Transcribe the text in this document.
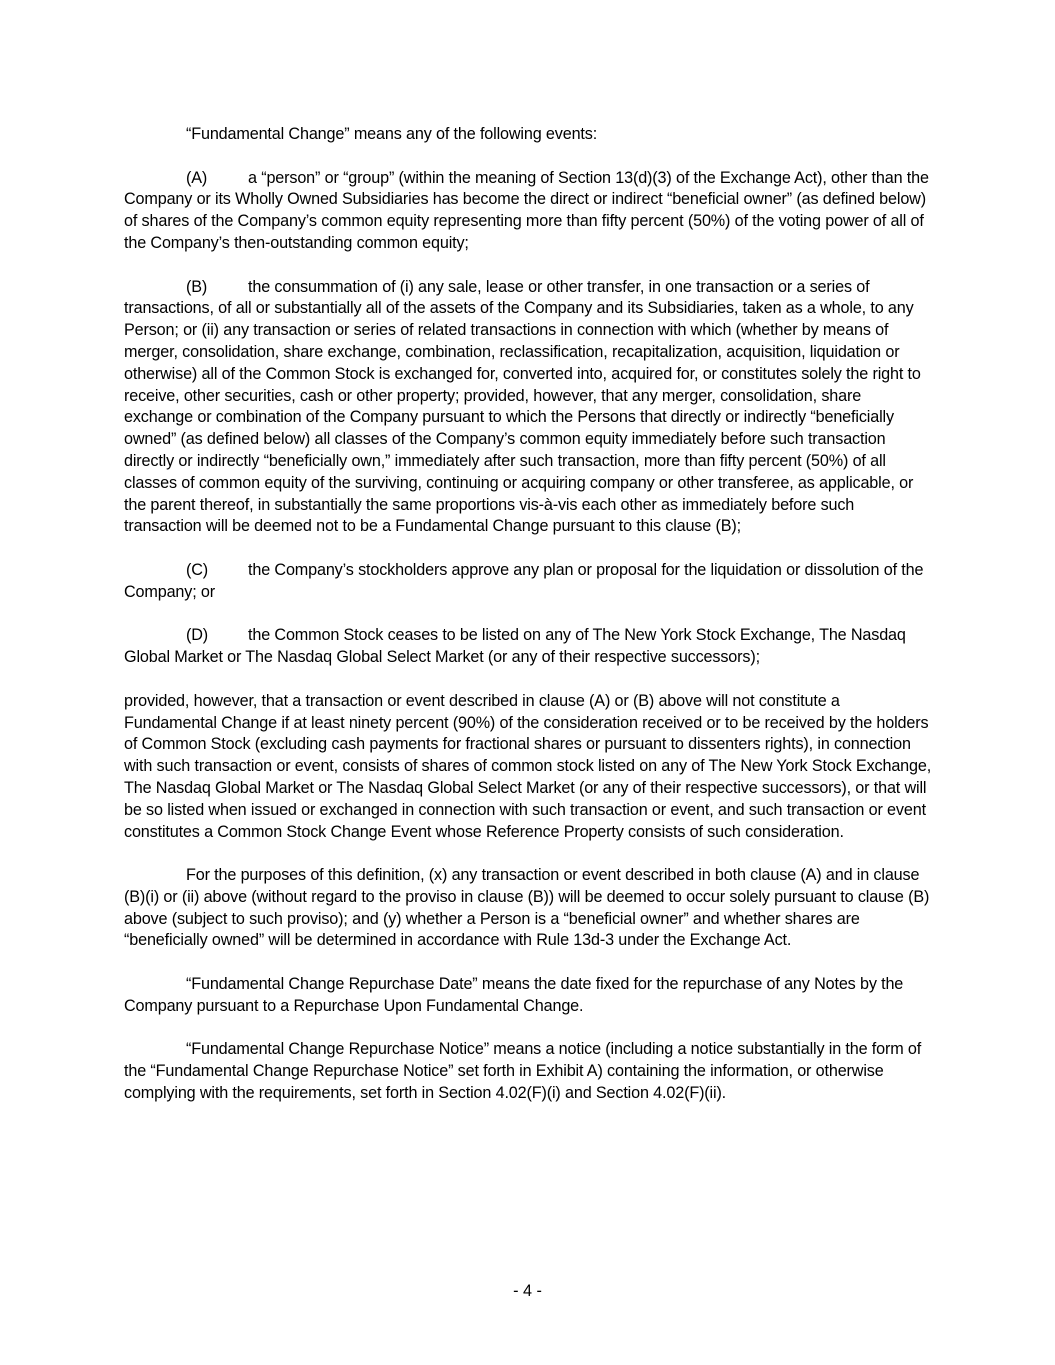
“Fundamental Change” means any of the following events:

(A)	a “person” or “group” (within the meaning of Section 13(d)(3) of the Exchange Act), other than the Company or its Wholly Owned Subsidiaries has become the direct or indirect “beneficial owner” (as defined below) of shares of the Company’s common equity representing more than fifty percent (50%) of the voting power of all of the Company’s then-outstanding common equity;

(B)	the consummation of (i) any sale, lease or other transfer, in one transaction or a series of transactions, of all or substantially all of the assets of the Company and its Subsidiaries, taken as a whole, to any Person; or (ii) any transaction or series of related transactions in connection with which (whether by means of merger, consolidation, share exchange, combination, reclassification, recapitalization, acquisition, liquidation or otherwise) all of the Common Stock is exchanged for, converted into, acquired for, or constitutes solely the right to receive, other securities, cash or other property; provided, however, that any merger, consolidation, share exchange or combination of the Company pursuant to which the Persons that directly or indirectly “beneficially owned” (as defined below) all classes of the Company’s common equity immediately before such transaction directly or indirectly “beneficially own,” immediately after such transaction, more than fifty percent (50%) of all classes of common equity of the surviving, continuing or acquiring company or other transferee, as applicable, or the parent thereof, in substantially the same proportions vis-à-vis each other as immediately before such transaction will be deemed not to be a Fundamental Change pursuant to this clause (B);

(C) the Company’s stockholders approve any plan or proposal for the liquidation or dissolution of the Company; or

(D) the Common Stock ceases to be listed on any of The New York Stock Exchange, The Nasdaq Global Market or The Nasdaq Global Select Market (or any of their respective successors);

provided, however, that a transaction or event described in clause (A) or (B) above will not constitute a Fundamental Change if at least ninety percent (90%) of the consideration received or to be received by the holders of Common Stock (excluding cash payments for fractional shares or pursuant to dissenters rights), in connection with such transaction or event, consists of shares of common stock listed on any of The New York Stock Exchange, The Nasdaq Global Market or The Nasdaq Global Select Market (or any of their respective successors), or that will be so listed when issued or exchanged in connection with such transaction or event, and such transaction or event constitutes a Common Stock Change Event whose Reference Property consists of such consideration.

For the purposes of this definition, (x) any transaction or event described in both clause (A) and in clause (B)(i) or (ii) above (without regard to the proviso in clause (B)) will be deemed to occur solely pursuant to clause (B) above (subject to such proviso); and (y) whether a Person is a “beneficial owner” and whether shares are “beneficially owned” will be determined in accordance with Rule 13d-3 under the Exchange Act.

“Fundamental Change Repurchase Date” means the date fixed for the repurchase of any Notes by the Company pursuant to a Repurchase Upon Fundamental Change.

“Fundamental Change Repurchase Notice” means a notice (including a notice substantially in the form of the “Fundamental Change Repurchase Notice” set forth in Exhibit A) containing the information, or otherwise complying with the requirements, set forth in Section 4.02(F)(i) and Section 4.02(F)(ii).

- 4 -
